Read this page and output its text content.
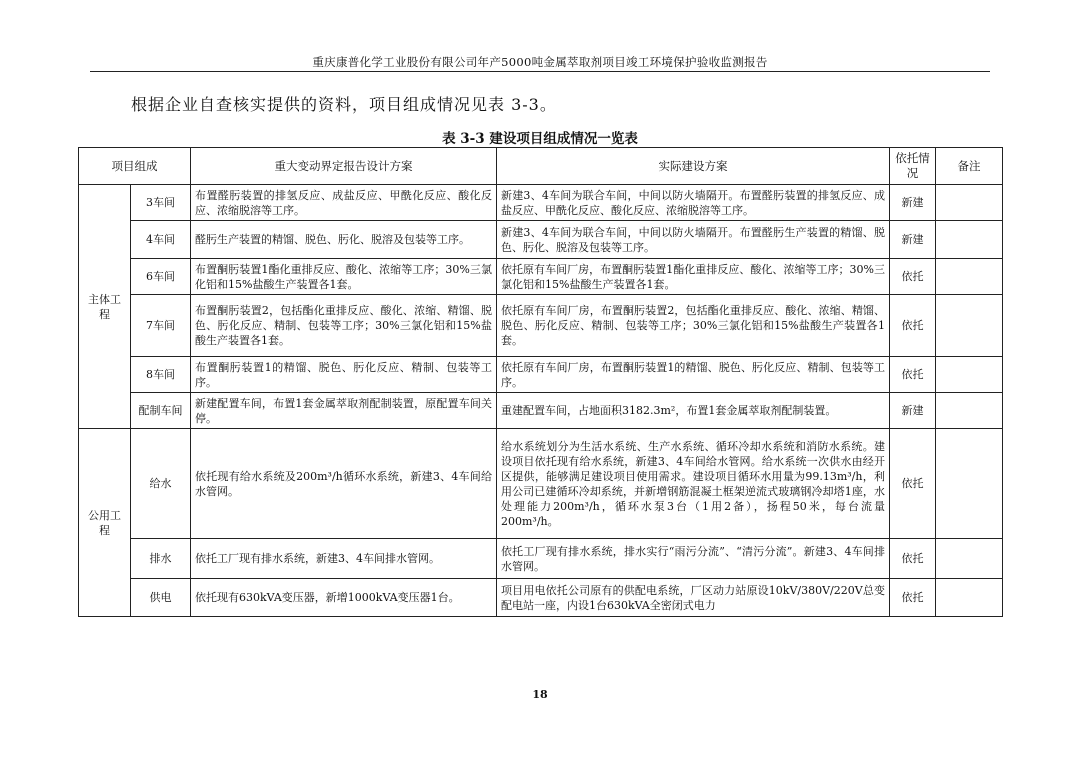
重庆康普化学工业股份有限公司年产5000吨金属萃取剂项目竣工环境保护验收监测报告
根据企业自查核实提供的资料，项目组成情况见表 3-3。
表 3-3 建设项目组成情况一览表
项目组成		重大变动界定报告设计方案	实际建设方案	依托情况	备注
主体工程	3车间	布置醛肟装置的排氢反应、成盐反应、甲酰化反应、酸化反应、浓缩脱溶等工序。	新建3、4车间为联合车间，中间以防火墙隔开。布置醛肟装置的排氢反应、成盐反应、甲酰化反应、酸化反应、浓缩脱溶等工序。	新建	
	4车间	醛肟生产装置的精馏、脱色、肟化、脱溶及包装等工序。	新建3、4车间为联合车间，中间以防火墙隔开。布置醛肟生产装置的精馏、脱色、肟化、脱溶及包装等工序。	新建	
	6车间	布置酮肟装置1酯化重排反应、酸化、浓缩等工序；30%三氯化铝和15%盐酸生产装置各1套。	依托原有车间厂房，布置酮肟装置1酯化重排反应、酸化、浓缩等工序；30%三氯化铝和15%盐酸生产装置各1套。	依托	
	7车间	布置酮肟装置2，包括酯化重排反应、酸化、浓缩、精馏、脱色、肟化反应、精制、包装等工序；30%三氯化铝和15%盐酸生产装置各1套。	依托原有车间厂房，布置酮肟装置2，包括酯化重排反应、酸化、浓缩、精馏、脱色、肟化反应、精制、包装等工序；30%三氯化铝和15%盐酸生产装置各1套。	依托	
	8车间	布置酮肟装置1的精馏、脱色、肟化反应、精制、包装等工序。	依托原有车间厂房，布置酮肟装置1的精馏、脱色、肟化反应、精制、包装等工序。	依托	
	配制车间	新建配置车间，布置1套金属萃取剂配制装置，原配置车间关停。	重建配置车间，占地面积3182.3m²，布置1套金属萃取剂配制装置。	新建	
公用工程	给水	依托现有给水系统及200m³/h循环水系统，新建3、4车间给水管网。	给水系统划分为生活水系统、生产水系统、循环冷却水系统和消防水系统。建设项目依托现有给水系统，新建3、4车间给水管网。给水系统一次供水由经开区提供，能够满足建设项目使用需求。建设项目循环水用量为99.13m³/h，利用公司已建循环冷却系统，并新增钢筋混凝土框架逆流式玻璃钢冷却塔1座，水处理能力200m³/h，循环水泵3台（1用2备），扬程50米，每台流量200m³/h。	依托	
	排水	依托工厂现有排水系统，新建3、4车间排水管网。	依托工厂现有排水系统，排水实行“雨污分流”、“清污分流”。新建3、4车间排水管网。	依托	
	供电	依托现有630kVA变压器，新增1000kVA变压器1台。	项目用电依托公司原有的供配电系统，厂区动力站原设10kV/380V/220V总变配电站一座，内设1台630kVA全密闭式电力	依托	
18
